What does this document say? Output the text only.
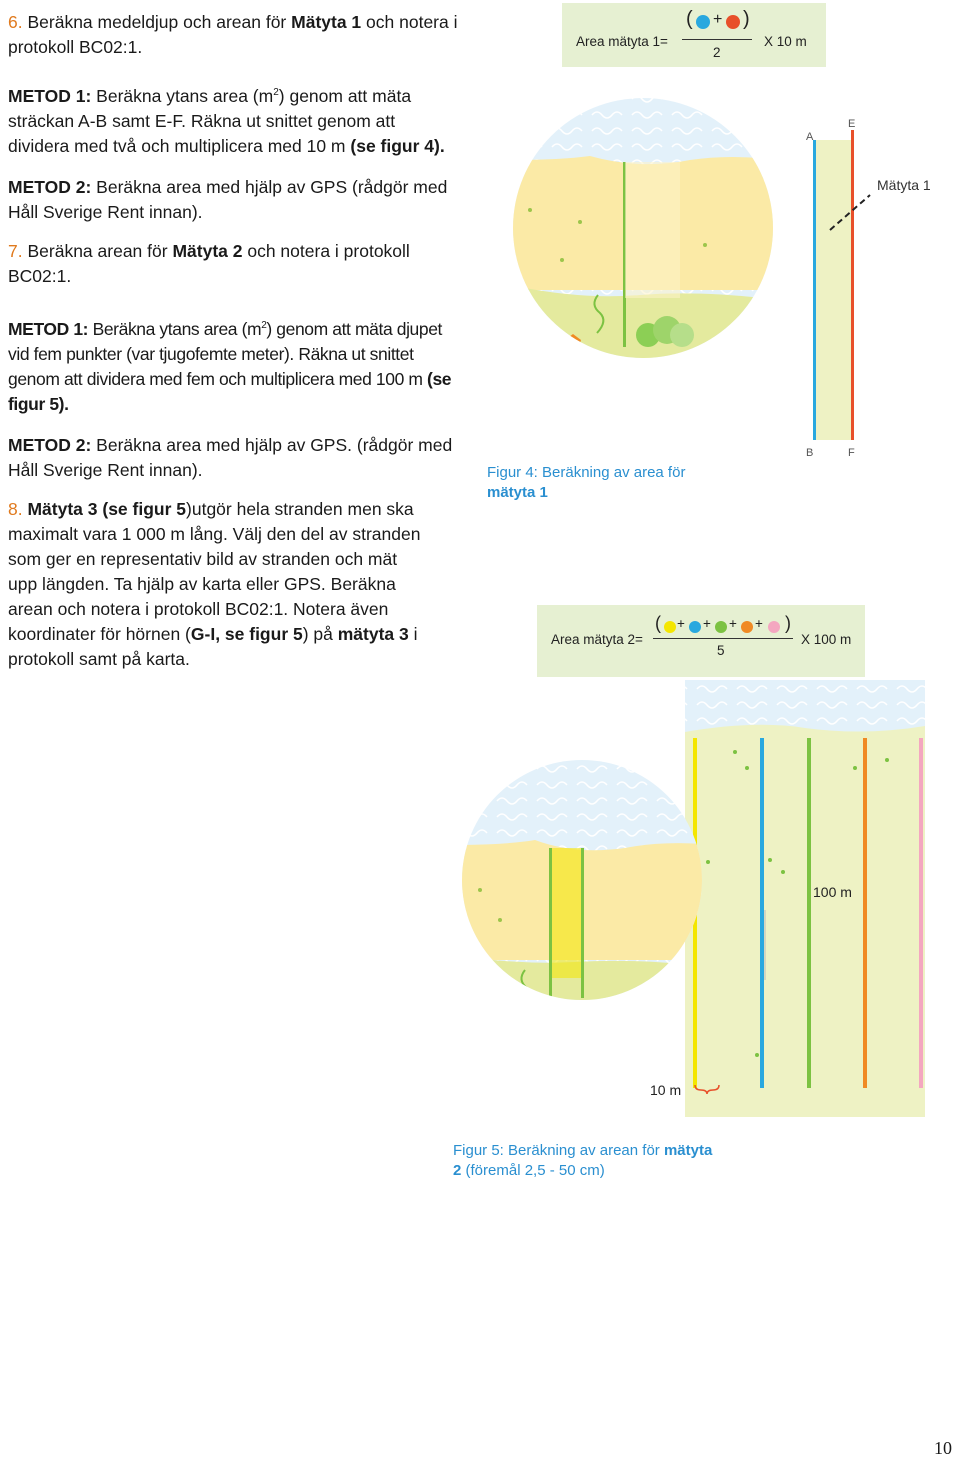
6. Beräkna medeldjup och arean för Mätyta 1 och notera i protokoll BC02:1.

METOD 1: Beräkna ytans area $(m^2)$ genom att mäta sträckan A-B samt E-F. Räkna ut snittet genom att dividera med två och multiplicera med 10 m (se figur 4).

METOD 2: Beräkna area med hjälp av GPS (rådgör med Håll Sverige Rent innan).

7. Beräkna arean för Mätyta 2 och notera i protokoll BC02:1.

METOD 1: Beräkna ytans area $(m^2)$ genom att mäta djupet vid fem punkter (var tjugofemte meter). Räkna ut snittet genom att dividera med fem och multiplicera med 100 m (se figur 5).

METOD 2: Beräkna area med hjälp av GPS. (rådgör med Håll Sverige Rent innan).

8. Mätyta 3 (se figur 5)utgör hela stranden men ska maximalt vara 1 000 m lång. Välj den del av stranden som ger en representativ bild av stranden och mät upp längden. Ta hjälp av karta eller GPS. Beräkna arean och notera i protokoll BC02:1. Notera även koordinater för hörnen (G-I, se figur 5) på mätyta 3 i protokoll samt på karta.

Area mätyta 1=
( + )
2
X 10 m
A
E
B	F
Mätyta 1
Figur 4: Beräkning av area för mätyta 1
Area mätyta 2=
( + + + + )
5
X 100 m
100 m
10 m
Figur 5: Beräkning av arean för mätyta 2 (föremål 2,5 - 50 cm)
10
